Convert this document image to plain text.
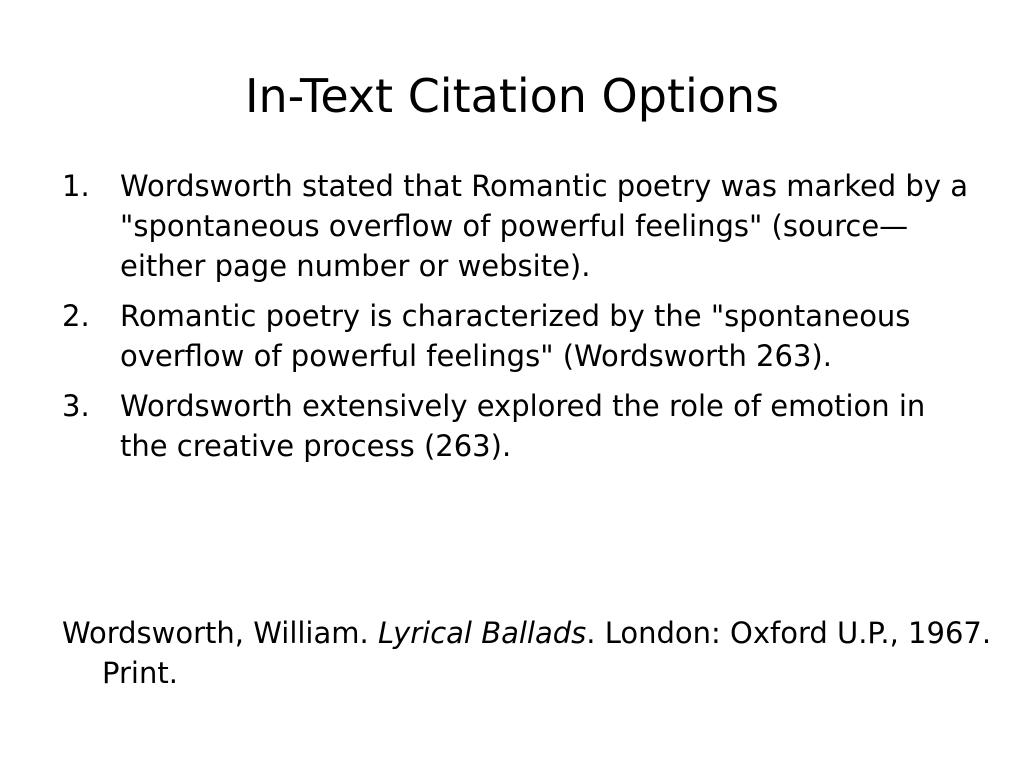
In-Text Citation Options
1.	Wordsworth stated that Romantic poetry was marked by a "spontaneous overflow of powerful feelings" (source—either page number or website).
2.	Romantic poetry is characterized by the "spontaneous overflow of powerful feelings" (Wordsworth 263).
3.	Wordsworth extensively explored the role of emotion in the creative process (263).

Wordsworth, William. Lyrical Ballads. London: Oxford U.P., 1967. Print.
